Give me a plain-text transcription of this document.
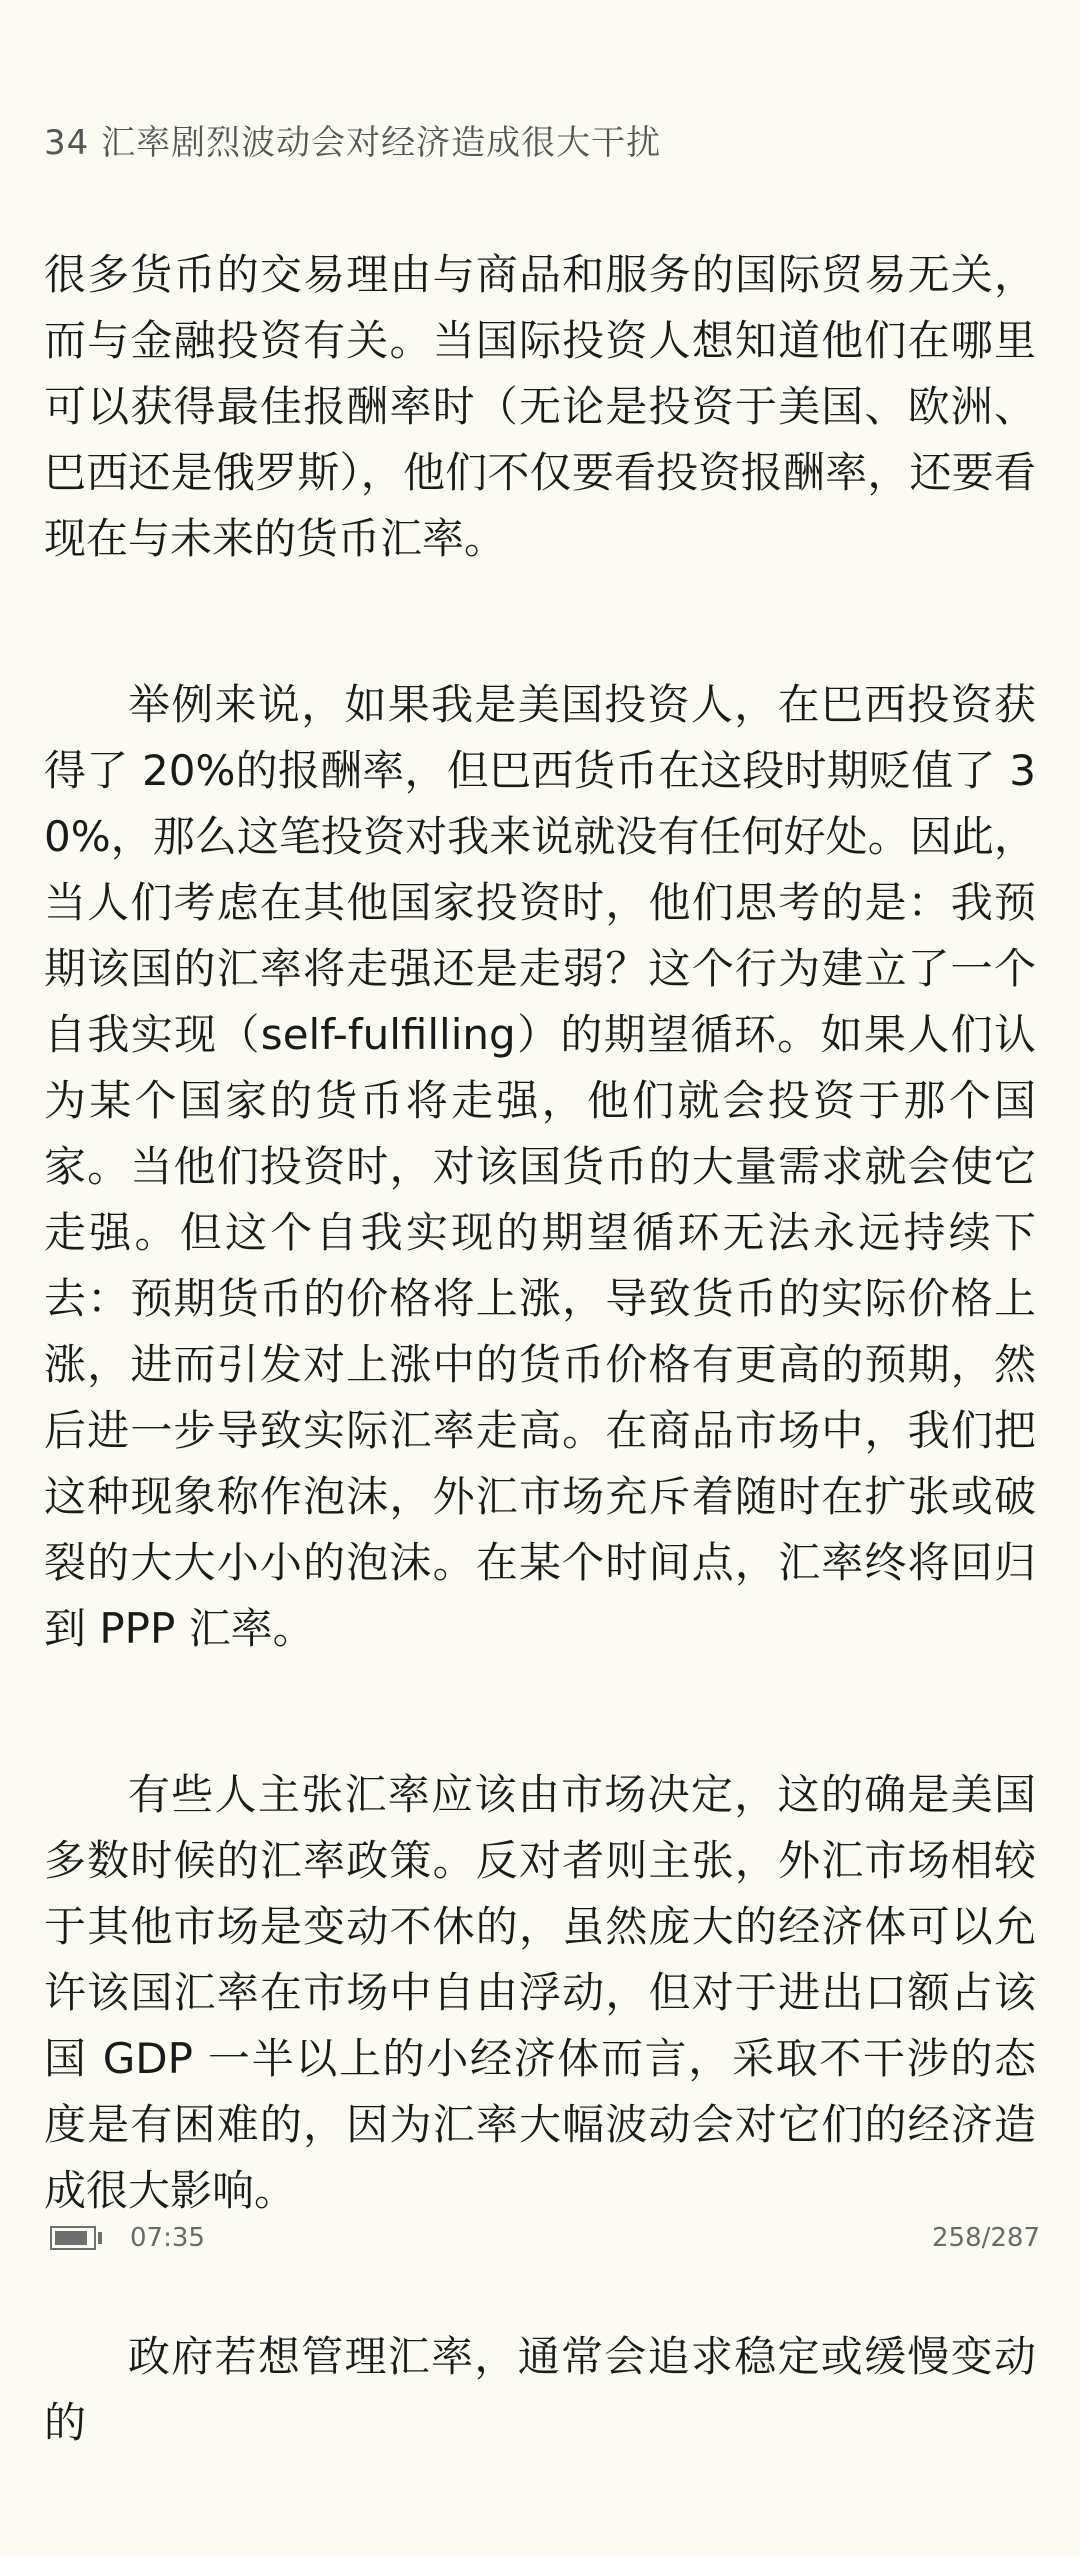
34 汇率剧烈波动会对经济造成很大干扰

很多货币的交易理由与商品和服务的国际贸易无关，而与金融投资有关。当国际投资人想知道他们在哪里可以获得最佳报酬率时（无论是投资于美国、欧洲、巴西还是俄罗斯），他们不仅要看投资报酬率，还要看现在与未来的货币汇率。

举例来说，如果我是美国投资人，在巴西投资获得了 20%的报酬率，但巴西货币在这段时期贬值了 30%，那么这笔投资对我来说就没有任何好处。因此，当人们考虑在其他国家投资时，他们思考的是：我预期该国的汇率将走强还是走弱？这个行为建立了一个自我实现（self-fulfilling）的期望循环。如果人们认为某个国家的货币将走强，他们就会投资于那个国家。当他们投资时，对该国货币的大量需求就会使它走强。但这个自我实现的期望循环无法永远持续下去：预期货币的价格将上涨，导致货币的实际价格上涨，进而引发对上涨中的货币价格有更高的预期，然后进一步导致实际汇率走高。在商品市场中，我们把这种现象称作泡沫，外汇市场充斥着随时在扩张或破裂的大大小小的泡沫。在某个时间点，汇率终将回归到 PPP 汇率。

有些人主张汇率应该由市场决定，这的确是美国多数时候的汇率政策。反对者则主张，外汇市场相较于其他市场是变动不休的，虽然庞大的经济体可以允许该国汇率在市场中自由浮动，但对于进出口额占该国 GDP 一半以上的小经济体而言，采取不干涉的态度是有困难的，因为汇率大幅波动会对它们的经济造成很大影响。

政府若想管理汇率，通常会追求稳定或缓慢变动的

07:35	258/287
